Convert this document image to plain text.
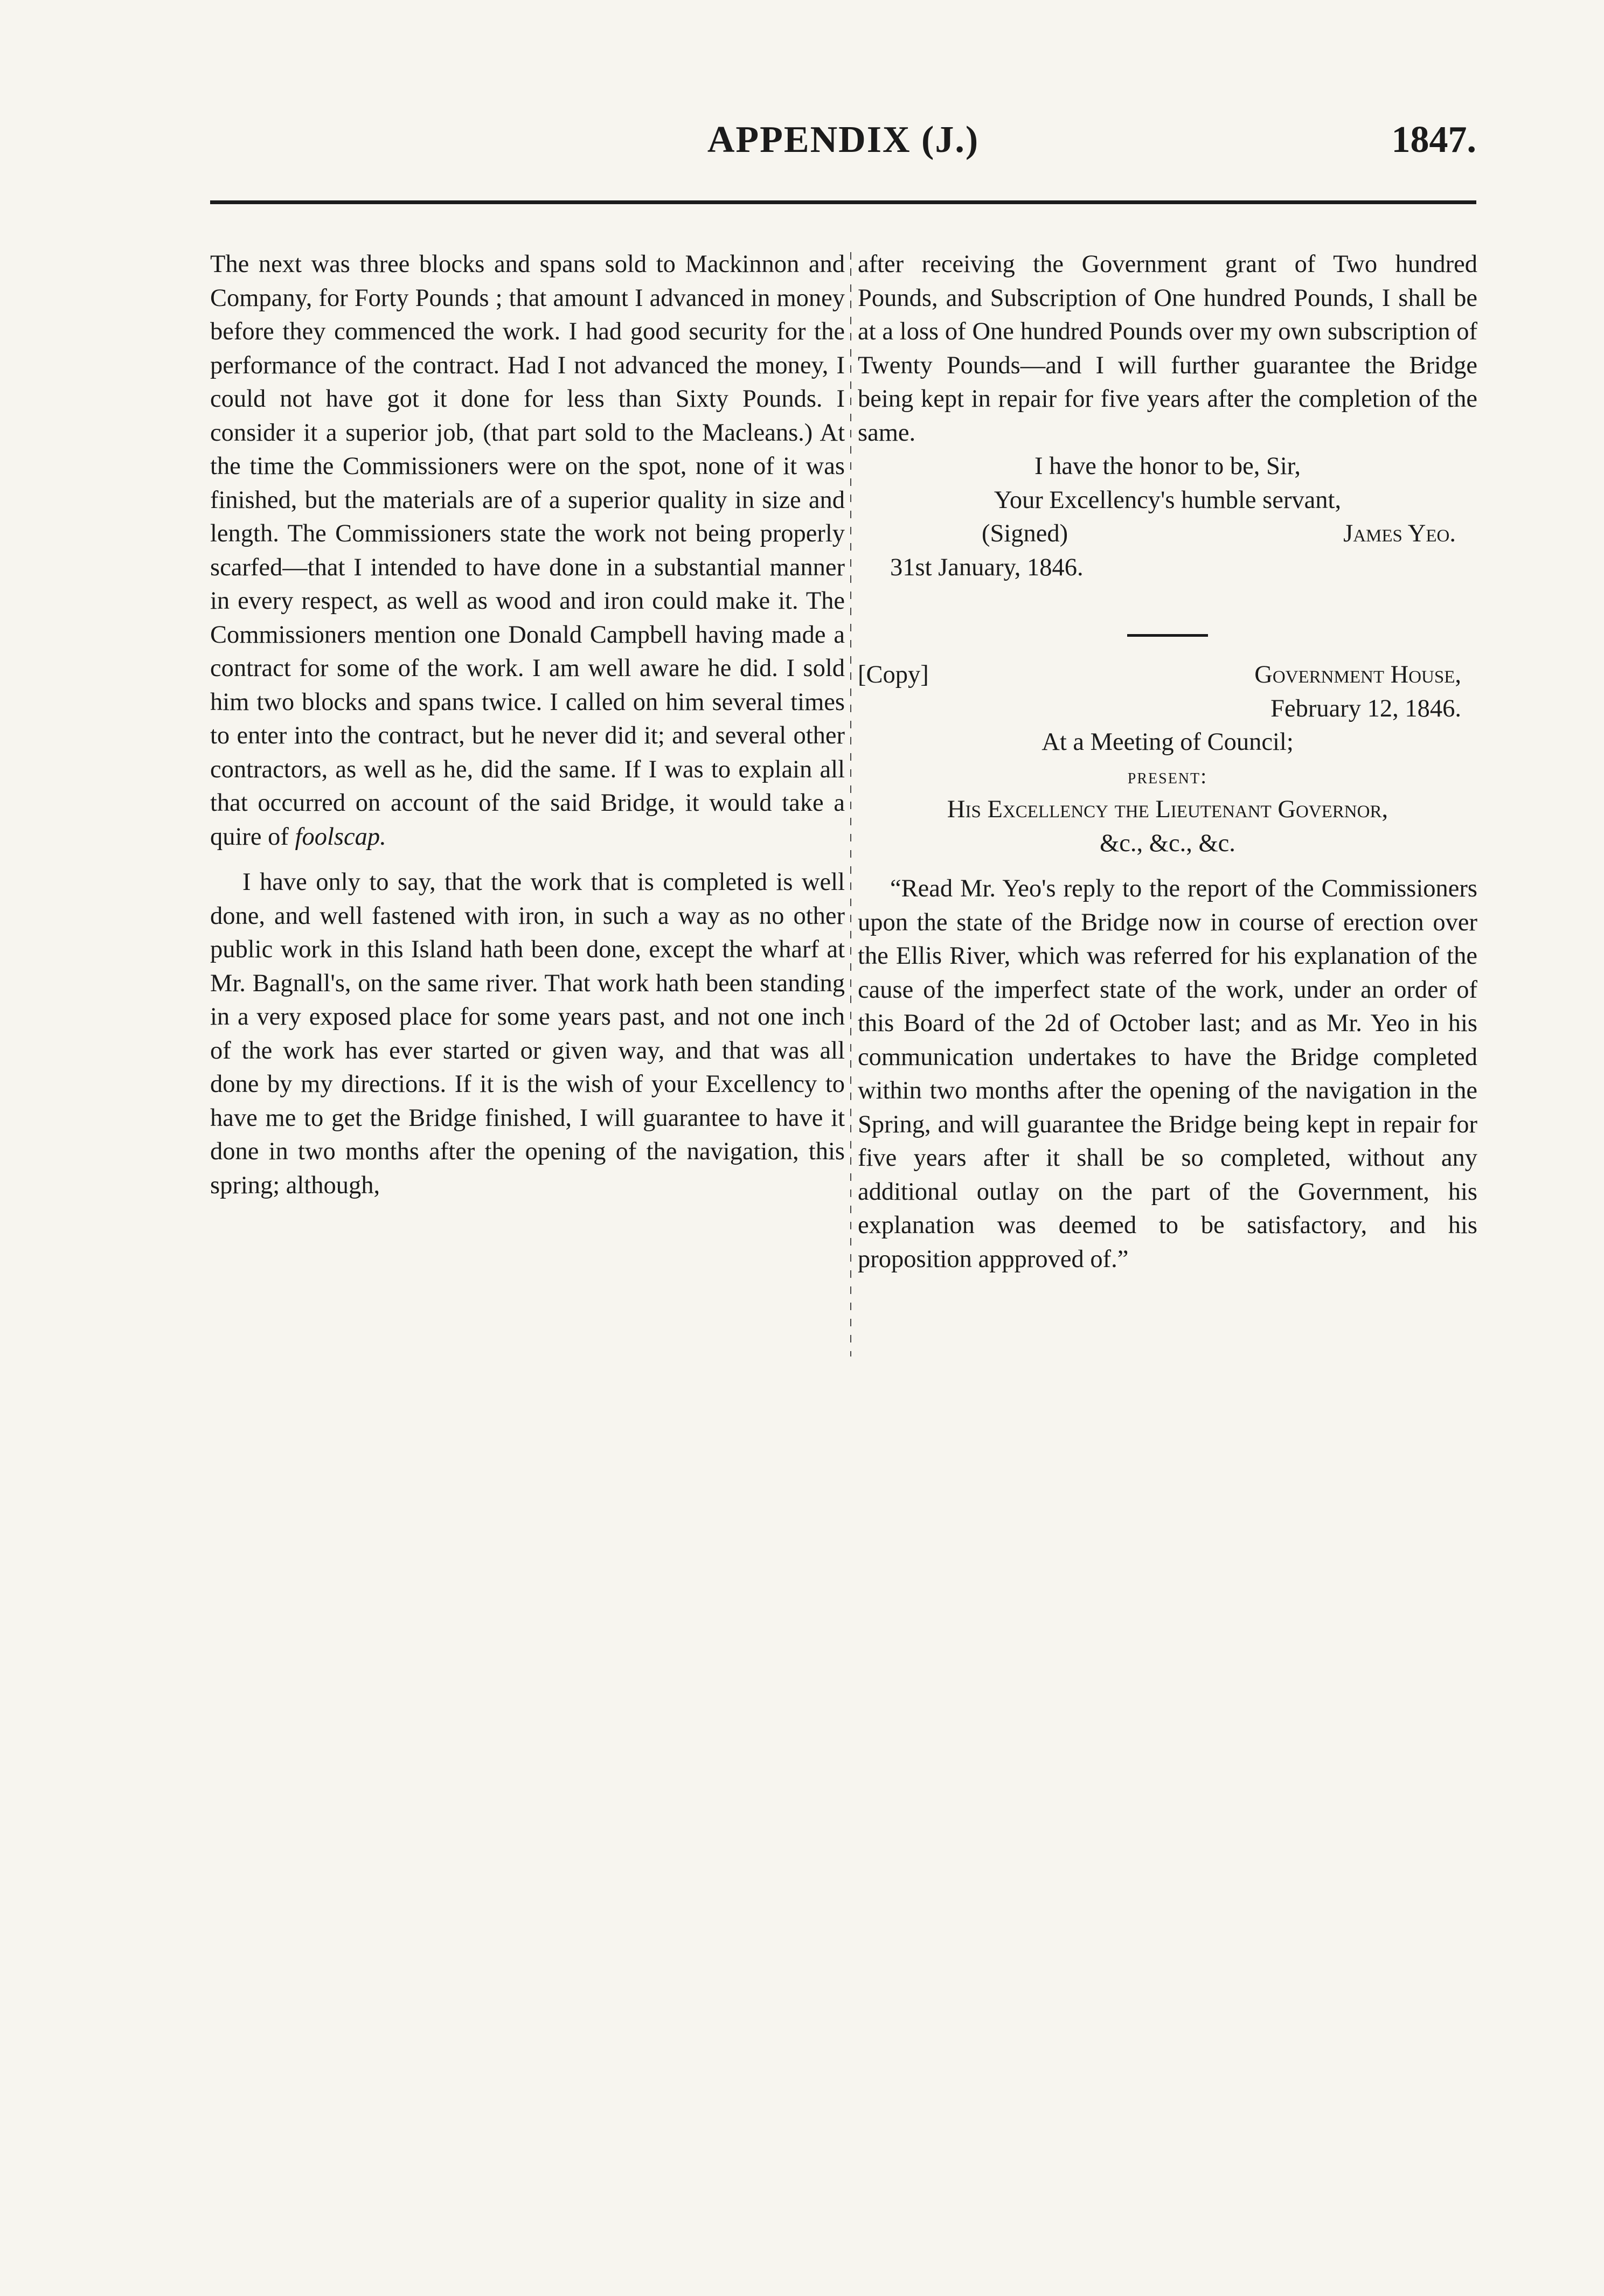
APPENDIX (J.)	1847.

The next was three blocks and spans sold to Mackinnon and Company, for Forty Pounds ; that amount I advanced in money before they commenced the work. I had good security for the performance of the contract. Had I not advanced the money, I could not have got it done for less than Sixty Pounds. I consider it a superior job, (that part sold to the Macleans.) At the time the Commissioners were on the spot, none of it was finished, but the materials are of a superior quality in size and length. The Commissioners state the work not being properly scarfed—that I intended to have done in a substantial manner in every respect, as well as wood and iron could make it. The Commissioners mention one Donald Campbell having made a contract for some of the work. I am well aware he did. I sold him two blocks and spans twice. I called on him several times to enter into the contract, but he never did it; and several other contractors, as well as he, did the same. If I was to explain all that occurred on account of the said Bridge, it would take a quire of foolscap.

I have only to say, that the work that is completed is well done, and well fastened with iron, in such a way as no other public work in this Island hath been done, except the wharf at Mr. Bagnall's, on the same river. That work hath been standing in a very exposed place for some years past, and not one inch of the work has ever started or given way, and that was all done by my directions. If it is the wish of your Excellency to have me to get the Bridge finished, I will guarantee to have it done in two months after the opening of the navigation, this spring; although,

after receiving the Government grant of Two hundred Pounds, and Subscription of One hundred Pounds, I shall be at a loss of One hundred Pounds over my own subscription of Twenty Pounds—and I will further guarantee the Bridge being kept in repair for five years after the completion of the same.

I have the honor to be, Sir,

Your Excellency's humble servant,

(Signed)	James Yeo.

31st January, 1846.

[Copy]	Government House,

February 12, 1846.

At a Meeting of Council;

present:

His Excellency the Lieutenant Governor,

&c., &c., &c.

“Read Mr. Yeo's reply to the report of the Commissioners upon the state of the Bridge now in course of erection over the Ellis River, which was referred for his explanation of the cause of the imperfect state of the work, under an order of this Board of the 2d of October last; and as Mr. Yeo in his communication undertakes to have the Bridge completed within two months after the opening of the navigation in the Spring, and will guarantee the Bridge being kept in repair for five years after it shall be so completed, without any additional outlay on the part of the Government, his explanation was deemed to be satisfactory, and his proposition appproved of.”
